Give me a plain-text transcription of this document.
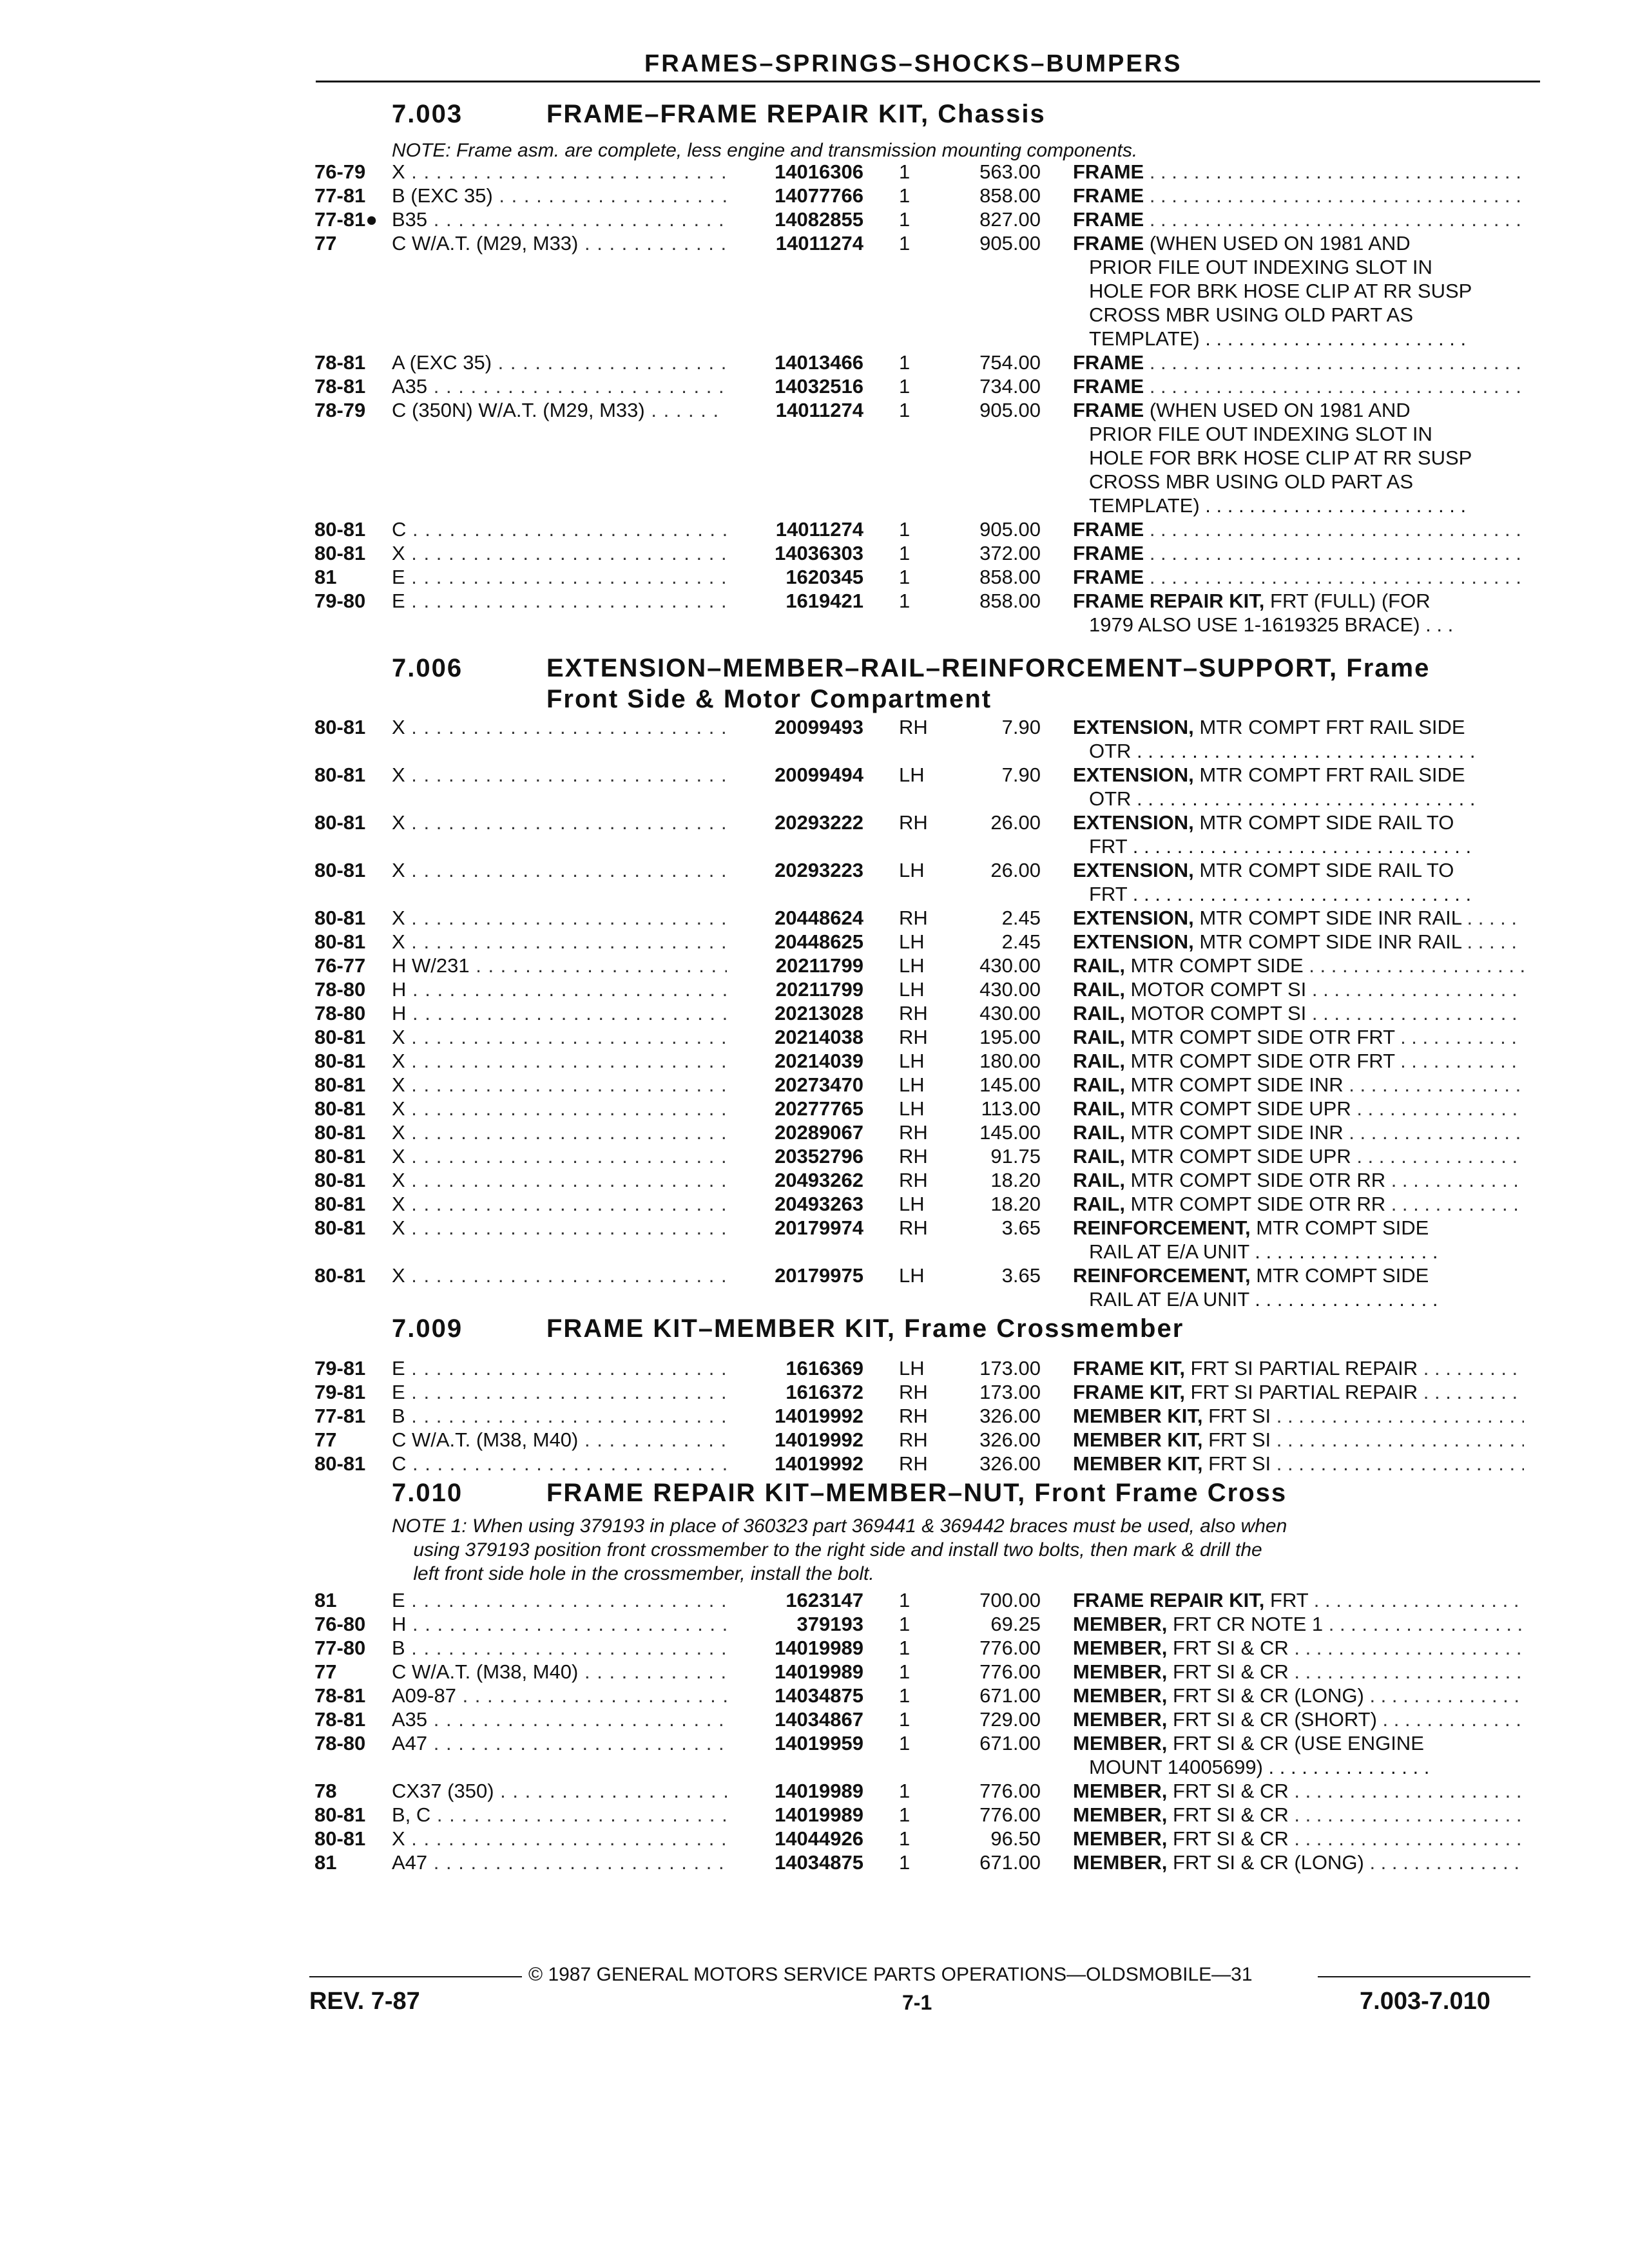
FRAMES–SPRINGS–SHOCKS–BUMPERS
7.003	FRAME–FRAME REPAIR KIT, Chassis
NOTE: Frame asm. are complete, less engine and transmission mounting components.
76-79 X . . .	14016306 1	563.00 FRAME . . .
77-81 B (EXC 35) . . .	14077766 1	858.00 FRAME . . .
77-81● B35 . . .	14082855 1	827.00 FRAME . . .
77	C W/A.T. (M29, M33) . . .	14011274 1	905.00 FRAME (WHEN USED ON 1981 AND
PRIOR FILE OUT INDEXING SLOT IN
HOLE FOR BRK HOSE CLIP AT RR SUSP
CROSS MBR USING OLD PART AS
TEMPLATE) . . . . . . . . . . . . . . . . . . . . . . . .
78-81 A (EXC 35) . . .	14013466 1	754.00 FRAME . . .
78-81 A35 . . .	14032516 1	734.00 FRAME . . .
78-79 C (350N) W/A.T. (M29, M33) . . .	14011274 1	905.00 FRAME (WHEN USED ON 1981 AND
PRIOR FILE OUT INDEXING SLOT IN
HOLE FOR BRK HOSE CLIP AT RR SUSP
CROSS MBR USING OLD PART AS
TEMPLATE) . . . . . . . . . . . . . . . . . . . . . . . .
80-81 C . . .	14011274 1	905.00 FRAME . . .
80-81 X . . .	14036303 1	372.00 FRAME . . .
81	E . . .	1620345 1	858.00 FRAME . . .
79-80 E . . .	1619421 1	858.00 FRAME REPAIR KIT, FRT (FULL) (FOR
1979 ALSO USE 1-1619325 BRACE) . . .
7.006	EXTENSION–MEMBER–RAIL–REINFORCEMENT–SUPPORT, Frame
Front Side & Motor Compartment
80-81 X . . .	20099493 RH	7.90 EXTENSION, MTR COMPT FRT RAIL SIDE
OTR . . . . . . . . . . . . . . . . . . . . . . . . . . . . . . .
80-81 X . . .	20099494 LH	7.90 EXTENSION, MTR COMPT FRT RAIL SIDE
OTR . . . . . . . . . . . . . . . . . . . . . . . . . . . . . . .
80-81 X . . .	20293222 RH	26.00 EXTENSION, MTR COMPT SIDE RAIL TO
FRT . . . . . . . . . . . . . . . . . . . . . . . . . . . . . . .
80-81 X . . .	20293223 LH	26.00 EXTENSION, MTR COMPT SIDE RAIL TO
FRT . . . . . . . . . . . . . . . . . . . . . . . . . . . . . . .
80-81 X . . .	20448624 RH	2.45 EXTENSION, MTR COMPT SIDE INR RAIL . . .
80-81 X . . .	20448625 LH	2.45 EXTENSION, MTR COMPT SIDE INR RAIL . . .
76-77 H W/231 . . .	20211799 LH	430.00 RAIL, MTR COMPT SIDE . . .
78-80 H . . .	20211799 LH	430.00 RAIL, MOTOR COMPT SI . . .
78-80 H . . .	20213028 RH	430.00 RAIL, MOTOR COMPT SI . . .
80-81 X . . .	20214038 RH	195.00 RAIL, MTR COMPT SIDE OTR FRT . . .
80-81 X . . .	20214039 LH	180.00 RAIL, MTR COMPT SIDE OTR FRT . . .
80-81 X . . .	20273470 LH	145.00 RAIL, MTR COMPT SIDE INR . . .
80-81 X . . .	20277765 LH	113.00 RAIL, MTR COMPT SIDE UPR . . .
80-81 X . . .	20289067 RH	145.00 RAIL, MTR COMPT SIDE INR . . .
80-81 X . . .	20352796 RH	91.75 RAIL, MTR COMPT SIDE UPR . . .
80-81 X . . .	20493262 RH	18.20 RAIL, MTR COMPT SIDE OTR RR . . .
80-81 X . . .	20493263 LH	18.20 RAIL, MTR COMPT SIDE OTR RR . . .
80-81 X . . .	20179974 RH	3.65 REINFORCEMENT, MTR COMPT SIDE
RAIL AT E/A UNIT . . . . . . . . . . . . . . . . .
80-81 X . . .	20179975 LH	3.65 REINFORCEMENT, MTR COMPT SIDE
RAIL AT E/A UNIT . . . . . . . . . . . . . . . . .
7.009	FRAME KIT–MEMBER KIT, Frame Crossmember
79-81 E . . .	1616369 LH	173.00 FRAME KIT, FRT SI PARTIAL REPAIR . . .
79-81 E . . .	1616372 RH	173.00 FRAME KIT, FRT SI PARTIAL REPAIR . . .
77-81 B . . .	14019992 RH	326.00 MEMBER KIT, FRT SI . . .
77	C W/A.T. (M38, M40) . . .	14019992 RH	326.00 MEMBER KIT, FRT SI . . .
80-81 C . . .	14019992 RH	326.00 MEMBER KIT, FRT SI . . .
7.010	FRAME REPAIR KIT–MEMBER–NUT, Front Frame Cross
NOTE 1: When using 379193 in place of 360323 part 369441 & 369442 braces must be used, also when
using 379193 position front crossmember to the right side and install two bolts, then mark & drill the
left front side hole in the crossmember, install the bolt.
81	E . . .	1623147 1	700.00 FRAME REPAIR KIT, FRT . . .
76-80 H . . .	379193 1	69.25 MEMBER, FRT CR NOTE 1 . . .
77-80 B . . .	14019989 1	776.00 MEMBER, FRT SI & CR . . .
77	C W/A.T. (M38, M40) . . .	14019989 1	776.00 MEMBER, FRT SI & CR . . .
78-81 A09-87 . . .	14034875 1	671.00 MEMBER, FRT SI & CR (LONG) . . .
78-81 A35 . . .	14034867 1	729.00 MEMBER, FRT SI & CR (SHORT) . . .
78-80 A47 . . .	14019959 1	671.00 MEMBER, FRT SI & CR (USE ENGINE
MOUNT 14005699) . . . . . . . . . . . . . . .
78	CX37 (350) . . .	14019989 1	776.00 MEMBER, FRT SI & CR . . .
80-81 B, C . . .	14019989 1	776.00 MEMBER, FRT SI & CR . . .
80-81 X . . .	14044926 1	96.50 MEMBER, FRT SI & CR . . .
81	A47 . . .	14034875 1	671.00 MEMBER, FRT SI & CR (LONG) . . .
© 1987 GENERAL MOTORS SERVICE PARTS OPERATIONS—OLDSMOBILE—31
REV. 7-87	7-1	7.003-7.010
